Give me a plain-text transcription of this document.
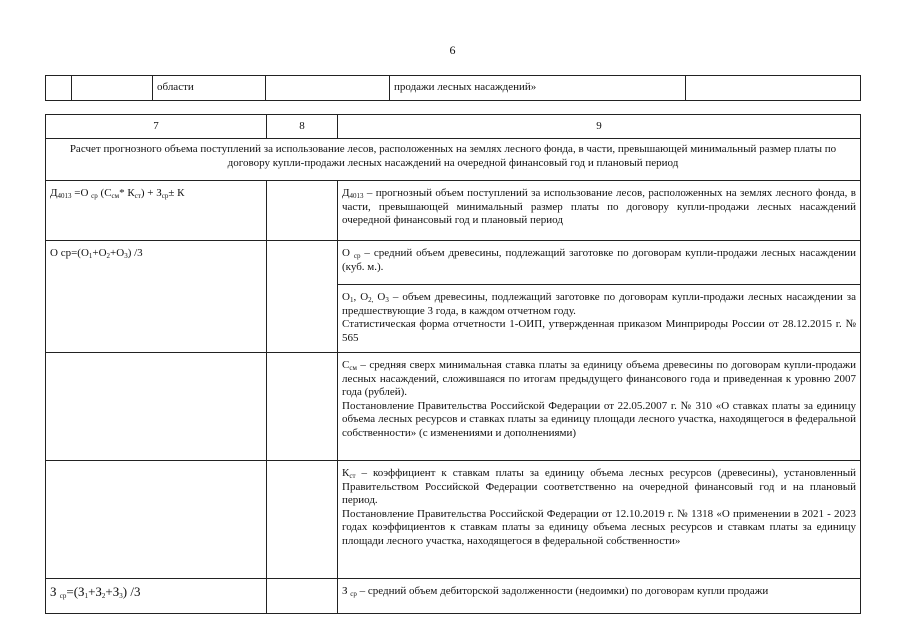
6
		области		продажи лесных насаждений»	
7	8	9
Расчет прогнозного объема поступлений за использование лесов, расположенных на землях лесного фонда, в части, превышающей минимальный размер платы по договору купли-продажи лесных насаждений на очередной финансовый год и плановый период		
$Д_{4013} =О$ $_{ср}$ ($С_{см}*$ $К_{ст}) + З_{ср}\pm К$		$Д_{4013}$ – прогнозный объем поступлений за использование лесов, расположенных на землях лесного фонда, в части, превышающей минимальный размер платы по договору купли-продажи лесных насаждений очередной финансовый год и плановый период
О $ср=(О_1+О_2+О_3)$ /3		О $_{ср}$ – средний объем древесины, подлежащий заготовке по договорам купли-продажи лесных насаждении (куб. м.).
		$О_1$, $О_{2,}$ $О_3$ – объем древесины, подлежащий заготовке по договорам купли-продажи лесных насаждении за предшествующие 3 года, в каждом отчетном году.
Статистическая форма отчетности 1-ОИП, утвержденная приказом Минприроды России от 28.12.2015 г. № 565
		$С_{см}$ – средняя сверх минимальная ставка платы за единицу объема древесины по договорам купли-продажи лесных насаждений, сложившаяся по итогам предыдущего финансового года и приведенная к уровню 2007 года (рублей).
Постановление Правительства Российской Федерации от 22.05.2007 г. № 310 «О ставках платы за единицу объема лесных ресурсов и ставках платы за единицу площади лесного участка, находящегося в федеральной собственности» (с изменениями и дополнениями)
		$К_{ст}$ – коэффициент к ставкам платы за единицу объема лесных ресурсов (древесины), установленный Правительством Российской Федерации соответственно на очередной финансовый год и на плановый период.
Постановление Правительства Российской Федерации от 12.10.2019 г. № 1318 «О применении в 2021 - 2023 годах коэффициентов к ставкам платы за единицу объема лесных ресурсов и ставкам платы за единицу площади лесного участка, находящегося в федеральной собственности»
З $_{ср}=(З_1+З_2+З_3)$ /3		З $_{ср}$ – средний объем дебиторской задолженности (недоимки) по договорам купли продажи
